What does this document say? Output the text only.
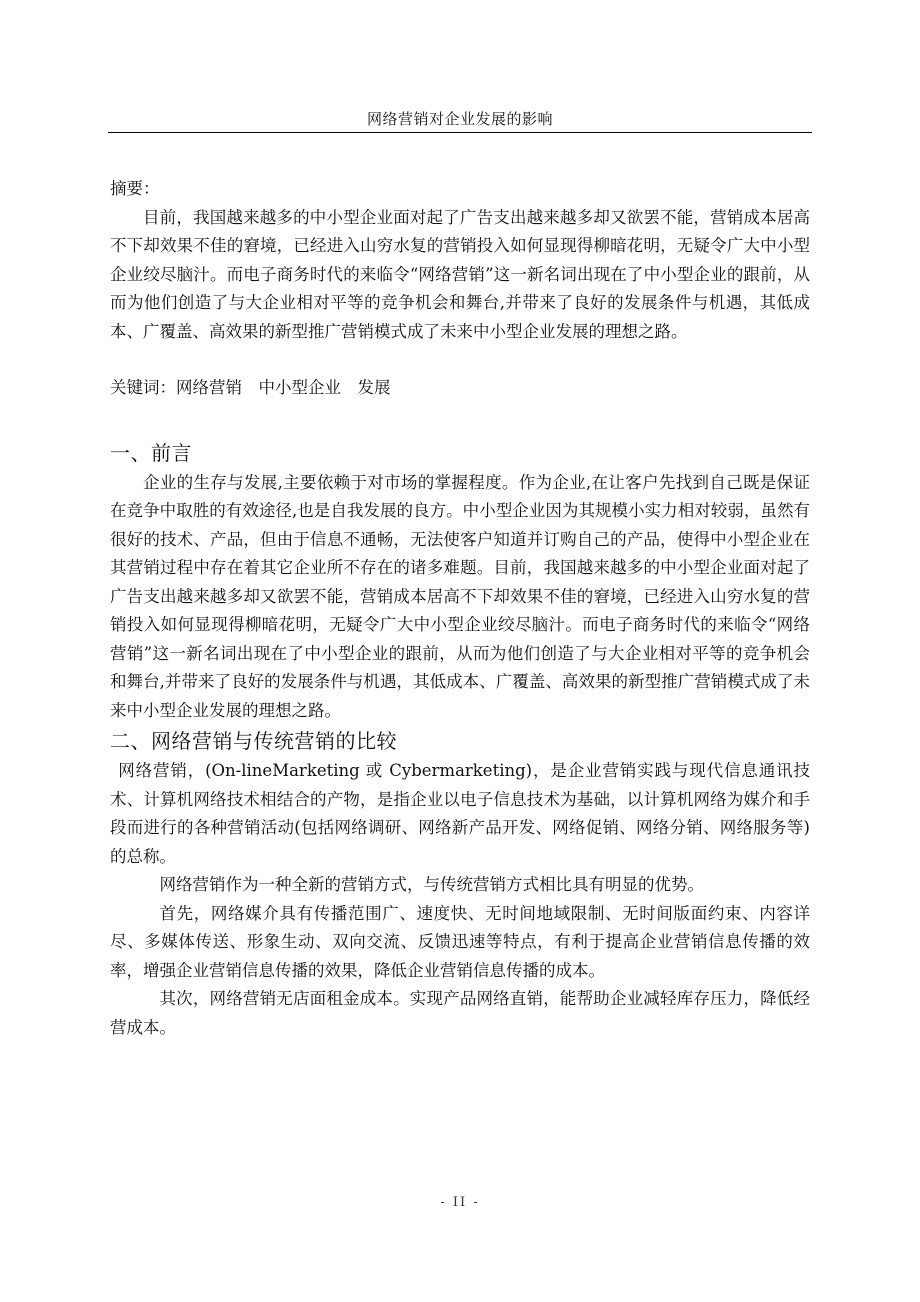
网络营销对企业发展的影响

摘要：

目前，我国越来越多的中小型企业面对起了广告支出越来越多却又欲罢不能，营销成本居高不下却效果不佳的窘境，已经进入山穷水复的营销投入如何显现得柳暗花明，无疑令广大中小型企业绞尽脑汁。而电子商务时代的来临令“网络营销”这一新名词出现在了中小型企业的跟前，从而为他们创造了与大企业相对平等的竞争机会和舞台,并带来了良好的发展条件与机遇，其低成本、广覆盖、高效果的新型推广营销模式成了未来中小型企业发展的理想之路。

关键词：网络营销　中小型企业　发展

一、前言

企业的生存与发展,主要依赖于对市场的掌握程度。作为企业,在让客户先找到自己既是保证在竞争中取胜的有效途径,也是自我发展的良方。中小型企业因为其规模小实力相对较弱，虽然有很好的技术、产品，但由于信息不通畅，无法使客户知道并订购自己的产品，使得中小型企业在其营销过程中存在着其它企业所不存在的诸多难题。目前，我国越来越多的中小型企业面对起了广告支出越来越多却又欲罢不能，营销成本居高不下却效果不佳的窘境，已经进入山穷水复的营销投入如何显现得柳暗花明，无疑令广大中小型企业绞尽脑汁。而电子商务时代的来临令“网络营销”这一新名词出现在了中小型企业的跟前，从而为他们创造了与大企业相对平等的竞争机会和舞台,并带来了良好的发展条件与机遇，其低成本、广覆盖、高效果的新型推广营销模式成了未来中小型企业发展的理想之路。

二、网络营销与传统营销的比较

网络营销，(On-lineMarketing 或 Cybermarketing)，是企业营销实践与现代信息通讯技术、计算机网络技术相结合的产物，是指企业以电子信息技术为基础，以计算机网络为媒介和手段而进行的各种营销活动(包括网络调研、网络新产品开发、网络促销、网络分销、网络服务等)的总称。

网络营销作为一种全新的营销方式，与传统营销方式相比具有明显的优势。

首先，网络媒介具有传播范围广、速度快、无时间地域限制、无时间版面约束、内容详尽、多媒体传送、形象生动、双向交流、反馈迅速等特点，有利于提高企业营销信息传播的效率，增强企业营销信息传播的效果，降低企业营销信息传播的成本。

其次，网络营销无店面租金成本。实现产品网络直销，能帮助企业减轻库存压力，降低经营成本。

- II -
